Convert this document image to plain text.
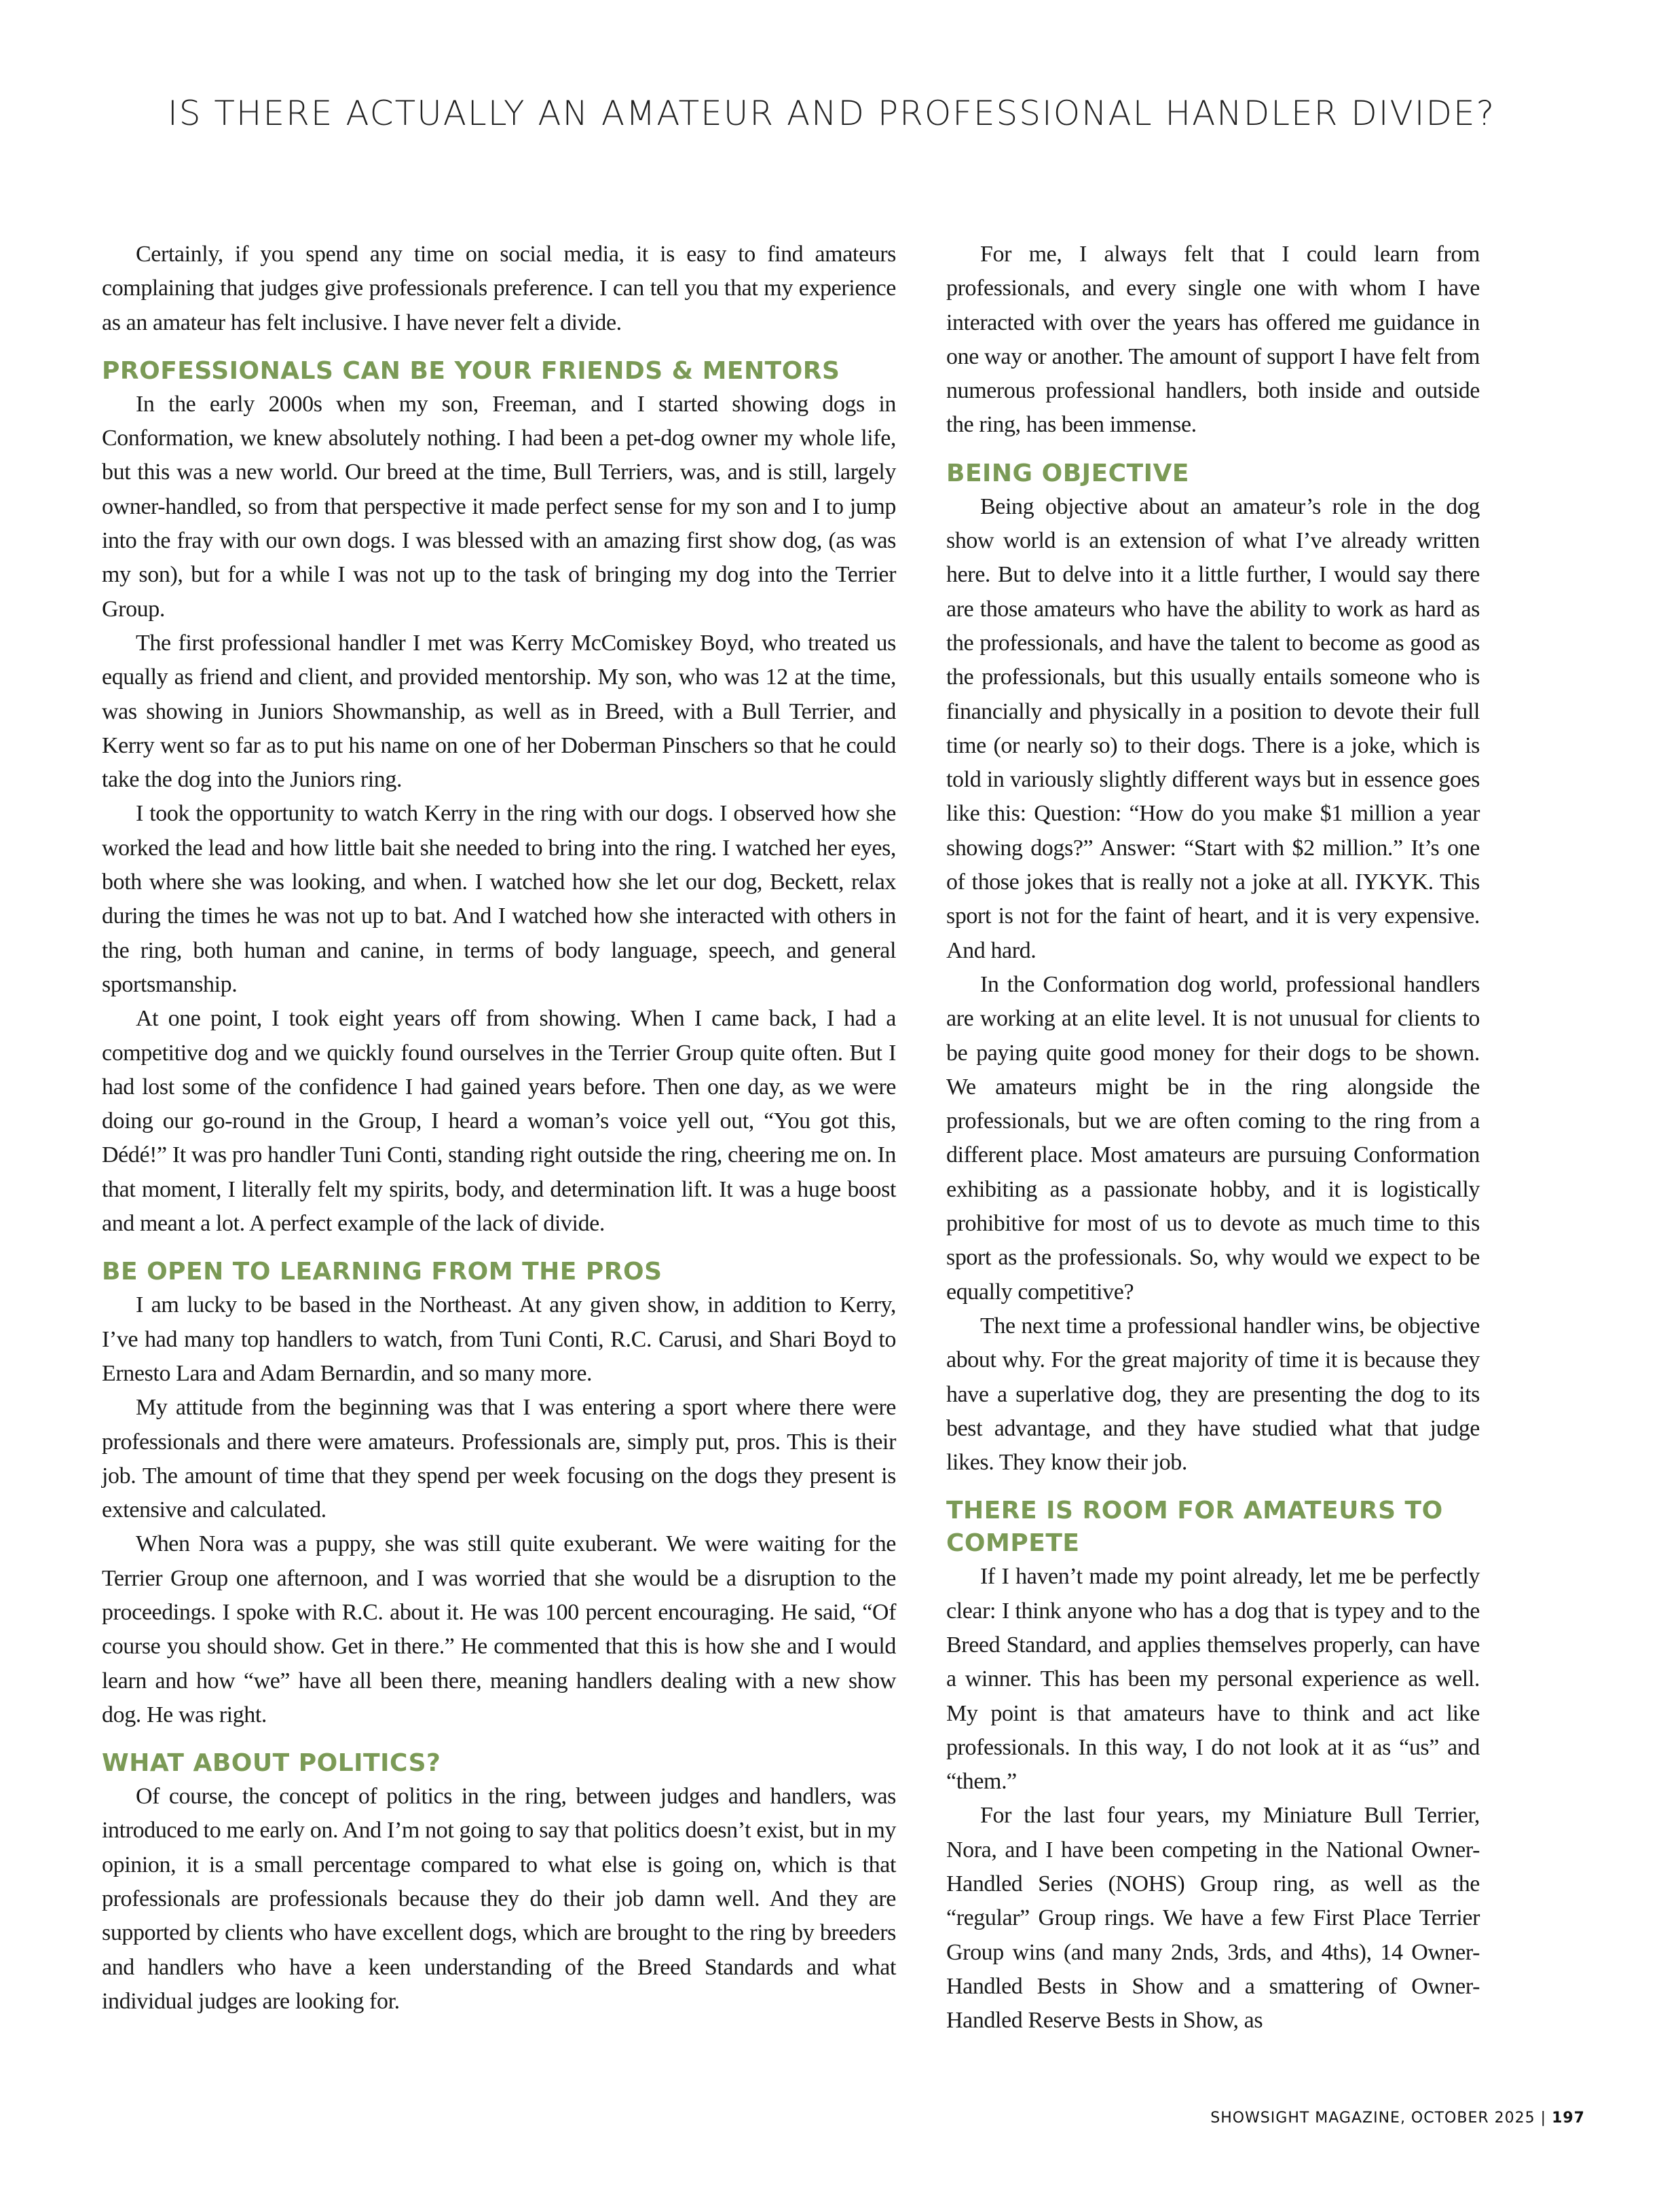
IS THERE ACTUALLY AN AMATEUR AND PROFESSIONAL HANDLER DIVIDE?

Certainly, if you spend any time on social media, it is easy to find amateurs complaining that judges give professionals preference. I can tell you that my experience as an amateur has felt inclusive. I have never felt a divide.

PROFESSIONALS CAN BE YOUR FRIENDS & MENTORS

In the early 2000s when my son, Freeman, and I started showing dogs in Conformation, we knew absolutely nothing. I had been a pet-dog owner my whole life, but this was a new world. Our breed at the time, Bull Terriers, was, and is still, largely owner-handled, so from that perspective it made perfect sense for my son and I to jump into the fray with our own dogs. I was blessed with an amazing first show dog, (as was my son), but for a while I was not up to the task of bringing my dog into the Terrier Group.

The first professional handler I met was Kerry McComiskey Boyd, who treated us equally as friend and client, and provided mentorship. My son, who was 12 at the time, was showing in Juniors Showmanship, as well as in Breed, with a Bull Terrier, and Kerry went so far as to put his name on one of her Doberman Pinschers so that he could take the dog into the Juniors ring.

I took the opportunity to watch Kerry in the ring with our dogs. I observed how she worked the lead and how little bait she needed to bring into the ring. I watched her eyes, both where she was looking, and when. I watched how she let our dog, Beckett, relax during the times he was not up to bat. And I watched how she interacted with others in the ring, both human and canine, in terms of body language, speech, and general sportsmanship.

At one point, I took eight years off from showing. When I came back, I had a competitive dog and we quickly found ourselves in the Terrier Group quite often. But I had lost some of the confidence I had gained years before. Then one day, as we were doing our go-round in the Group, I heard a woman’s voice yell out, “You got this, Dédé!” It was pro handler Tuni Conti, standing right outside the ring, cheering me on. In that moment, I literally felt my spirits, body, and determination lift. It was a huge boost and meant a lot. A perfect example of the lack of divide.

BE OPEN TO LEARNING FROM THE PROS

I am lucky to be based in the Northeast. At any given show, in addition to Kerry, I’ve had many top handlers to watch, from Tuni Conti, R.C. Carusi, and Shari Boyd to Ernesto Lara and Adam Bernardin, and so many more.

My attitude from the beginning was that I was entering a sport where there were professionals and there were amateurs. Professionals are, simply put, pros. This is their job. The amount of time that they spend per week focusing on the dogs they present is extensive and calculated.

When Nora was a puppy, she was still quite exuberant. We were waiting for the Terrier Group one afternoon, and I was worried that she would be a disruption to the proceedings. I spoke with R.C. about it. He was 100 percent encouraging. He said, “Of course you should show. Get in there.” He commented that this is how she and I would learn and how “we” have all been there, meaning handlers dealing with a new show dog. He was right.

WHAT ABOUT POLITICS?

Of course, the concept of politics in the ring, between judges and handlers, was introduced to me early on. And I’m not going to say that politics doesn’t exist, but in my opinion, it is a small percentage compared to what else is going on, which is that professionals are professionals because they do their job damn well. And they are supported by clients who have excellent dogs, which are brought to the ring by breeders and handlers who have a keen understanding of the Breed Standards and what individual judges are looking for.

For me, I always felt that I could learn from professionals, and every single one with whom I have interacted with over the years has offered me guidance in one way or another. The amount of support I have felt from numerous professional handlers, both inside and outside the ring, has been immense.

BEING OBJECTIVE

Being objective about an amateur’s role in the dog show world is an extension of what I’ve already written here. But to delve into it a little further, I would say there are those amateurs who have the ability to work as hard as the professionals, and have the talent to become as good as the professionals, but this usually entails someone who is financially and physically in a position to devote their full time (or nearly so) to their dogs. There is a joke, which is told in variously slightly different ways but in essence goes like this: Question: “How do you make $1 million a year showing dogs?” Answer: “Start with $2 million.” It’s one of those jokes that is really not a joke at all. IYKYK. This sport is not for the faint of heart, and it is very expensive. And hard.

In the Conformation dog world, professional handlers are working at an elite level. It is not unusual for clients to be paying quite good money for their dogs to be shown. We amateurs might be in the ring alongside the professionals, but we are often coming to the ring from a different place. Most amateurs are pursuing Conformation exhibiting as a passionate hobby, and it is logistically prohibitive for most of us to devote as much time to this sport as the professionals. So, why would we expect to be equally competitive?

The next time a professional handler wins, be objective about why. For the great majority of time it is because they have a superlative dog, they are presenting the dog to its best advantage, and they have studied what that judge likes. They know their job.

THERE IS ROOM FOR AMATEURS TO COMPETE

If I haven’t made my point already, let me be perfectly clear: I think anyone who has a dog that is typey and to the Breed Standard, and applies themselves properly, can have a winner. This has been my personal experience as well. My point is that amateurs have to think and act like professionals. In this way, I do not look at it as “us” and “them.”

For the last four years, my Miniature Bull Terrier, Nora, and I have been competing in the National Owner-Handled Series (NOHS) Group ring, as well as the “regular” Group rings. We have a few First Place Terrier Group wins (and many 2nds, 3rds, and 4ths), 14 Owner-Handled Bests in Show and a smattering of Owner-Handled Reserve Bests in Show, as

SHOWSIGHT MAGAZINE, OCTOBER 2025 | 197
